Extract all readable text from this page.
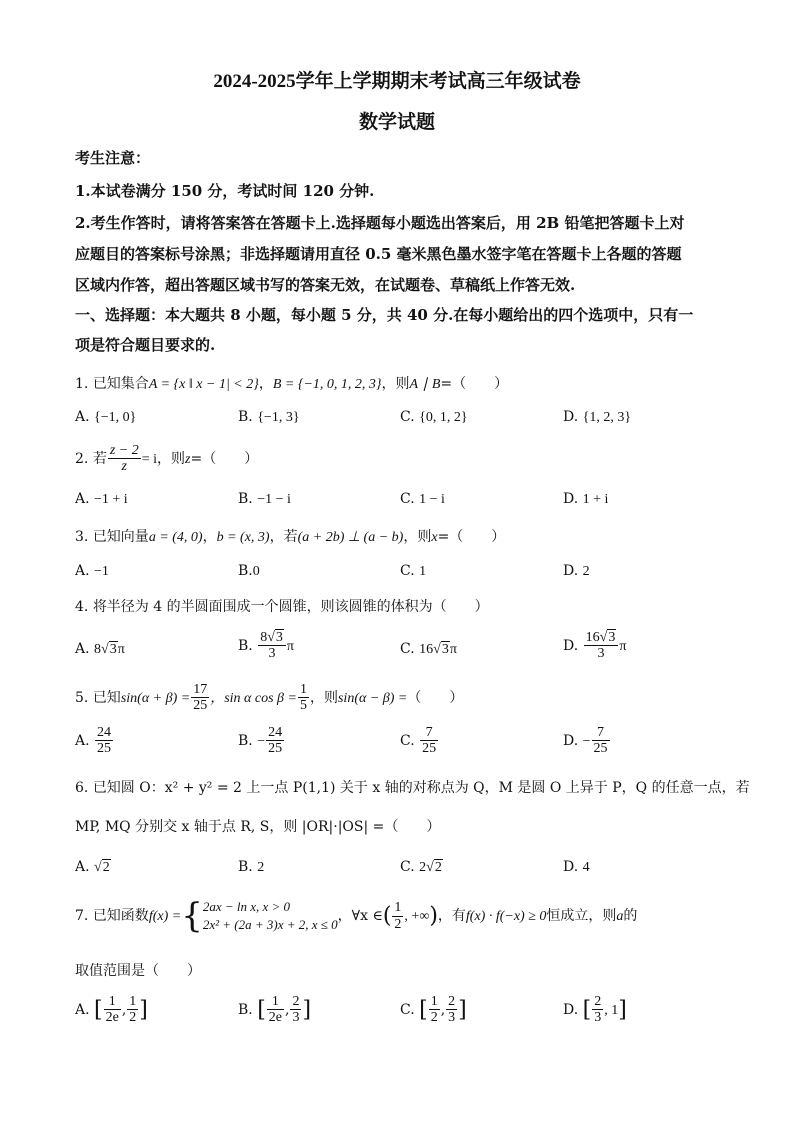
2024-2025学年上学期期末考试高三年级试卷
数学试题
考生注意：
1.本试卷满分 150 分，考试时间 120 分钟.
2.考生作答时，请将答案答在答题卡上.选择题每小题选出答案后，用 2B 铅笔把答题卡上对
应题目的答案标号涂黑；非选择题请用直径 0.5 毫米黑色墨水签字笔在答题卡上各题的答题
区域内作答，超出答题区域书写的答案无效，在试题卷、草稿纸上作答无效.
一、选择题：本大题共 8 小题，每小题 5 分，共 40 分.在每小题给出的四个选项中，只有一
项是符合题目要求的.
1. 已知集合A = {x ‖ x − 1| < 2}，B = {−1, 0, 1, 2, 3}，则A ∣ B=（　　）
A. {−1, 0}	B. {−1, 3}	C. {0, 1, 2}	D. {1, 2, 3}
2. 若 $\frac{z - 2}{z} = i$，则z=（　　）
A. −1 + i	B. −1 − i	C. 1 − i	D. 1 + i
3. 已知向量a = (4, 0)，b = (x, 3)，若(a + 2b) ⊥ (a − b)，则x=（　　）
A. −1	B.0	C. 1	D. 2
4. 将半径为 4 的半圆面围成一个圆锥，则该圆锥的体积为（　　）
A. 8√3π	B. $\frac{8√3}{3}$ π	C. 16√3π	D. $\frac{16√3}{3}$ π
5. 已知$\sin(\alpha + \beta) = \frac{17}{25}$ ，sin α $\cos \beta = \frac{1}{5}$ ，则sin(α − β) =（　　）
A. $\frac{24}{25}$	B. − $\frac{24}{25}$	C. $\frac{7}{25}$	D. − $\frac{7}{25}$
6. 已知圆 O：x² + y² = 2 上一点 P(1,1) 关于 x 轴的对称点为 Q，M 是圆 O 上异于 P，Q 的任意一点，若
MP, MQ 分别交 x 轴于点 R, S，则 |OR|·|OS| =（　　）
A. √2	B. 2	C. 2√2	D. 4
7. 已知函数f(x) ={ 2ax − ln x, x > 0
2x² + (2a + 3)x + 2, x ≤ 0
，∀x ∈( $\frac{1}{2}$ , +∞)，有f(x) · f(−x) ≥ 0恒成立，则a的
取值范围是（　　）
A. [ $\frac{1}{2e}$ , $\frac{1}{2}$ ]	B. [ $\frac{1}{2e}$ , $\frac{2}{3}$ ]	C. [ $\frac{1}{2}$ , $\frac{2}{3}$ ]	D. [ $\frac{2}{3}$ , 1]
